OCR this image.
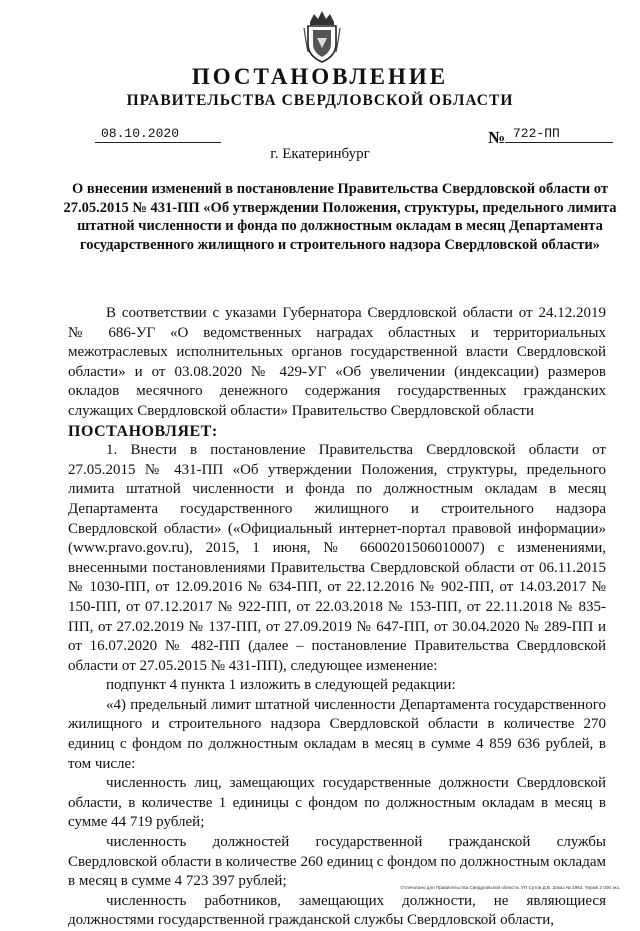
ПОСТАНОВЛЕНИЕ
ПРАВИТЕЛЬСТВА СВЕРДЛОВСКОЙ ОБЛАСТИ
08.10.2020	№ 722-ПП
г. Екатеринбург
О внесении изменений в постановление Правительства Свердловской области от 27.05.2015 № 431-ПП «Об утверждении Положения, структуры, предельного лимита штатной численности и фонда по должностным окладам в месяц Департамента государственного жилищного и строительного надзора Свердловской области»

В соответствии с указами Губернатора Свердловской области от 24.12.2019 № 686-УГ «О ведомственных наградах областных и территориальных межотраслевых исполнительных органов государственной власти Свердловской области» и от 03.08.2020 № 429-УГ «Об увеличении (индексации) размеров окладов месячного денежного содержания государственных гражданских служащих Свердловской области» Правительство Свердловской области

ПОСТАНОВЛЯЕТ:

1. Внести в постановление Правительства Свердловской области от 27.05.2015 № 431-ПП «Об утверждении Положения, структуры, предельного лимита штатной численности и фонда по должностным окладам в месяц Департамента государственного жилищного и строительного надзора Свердловской области» («Официальный интернет-портал правовой информации» (www.pravo.gov.ru), 2015, 1 июня, № 6600201506010007) с изменениями, внесенными постановлениями Правительства Свердловской области от 06.11.2015 № 1030-ПП, от 12.09.2016 № 634-ПП, от 22.12.2016 № 902-ПП, от 14.03.2017 № 150-ПП, от 07.12.2017 № 922-ПП, от 22.03.2018 № 153-ПП, от 22.11.2018 № 835-ПП, от 27.02.2019 № 137-ПП, от 27.09.2019 № 647-ПП, от 30.04.2020 № 289-ПП и от 16.07.2020 № 482-ПП (далее – постановление Правительства Свердловской области от 27.05.2015 № 431-ПП), следующее изменение:

подпункт 4 пункта 1 изложить в следующей редакции:

«4) предельный лимит штатной численности Департамента государственного жилищного и строительного надзора Свердловской области в количестве 270 единиц с фондом по должностным окладам в месяц в сумме 4 859 636 рублей, в том числе:

численность лиц, замещающих государственные должности Свердловской области, в количестве 1 единицы с фондом по должностным окладам в месяц в сумме 44 719 рублей;

численность должностей государственной гражданской службы Свердловской области в количестве 260 единиц с фондом по должностным окладам в месяц в сумме 4 723 397 рублей;

численность работников, замещающих должности, не являющиеся должностями государственной гражданской службы Свердловской области,

Отпечатано для Правительства Свердловской области. УП Сутов Д.В. Заказ № 1963. Тираж 2 000 экз.
